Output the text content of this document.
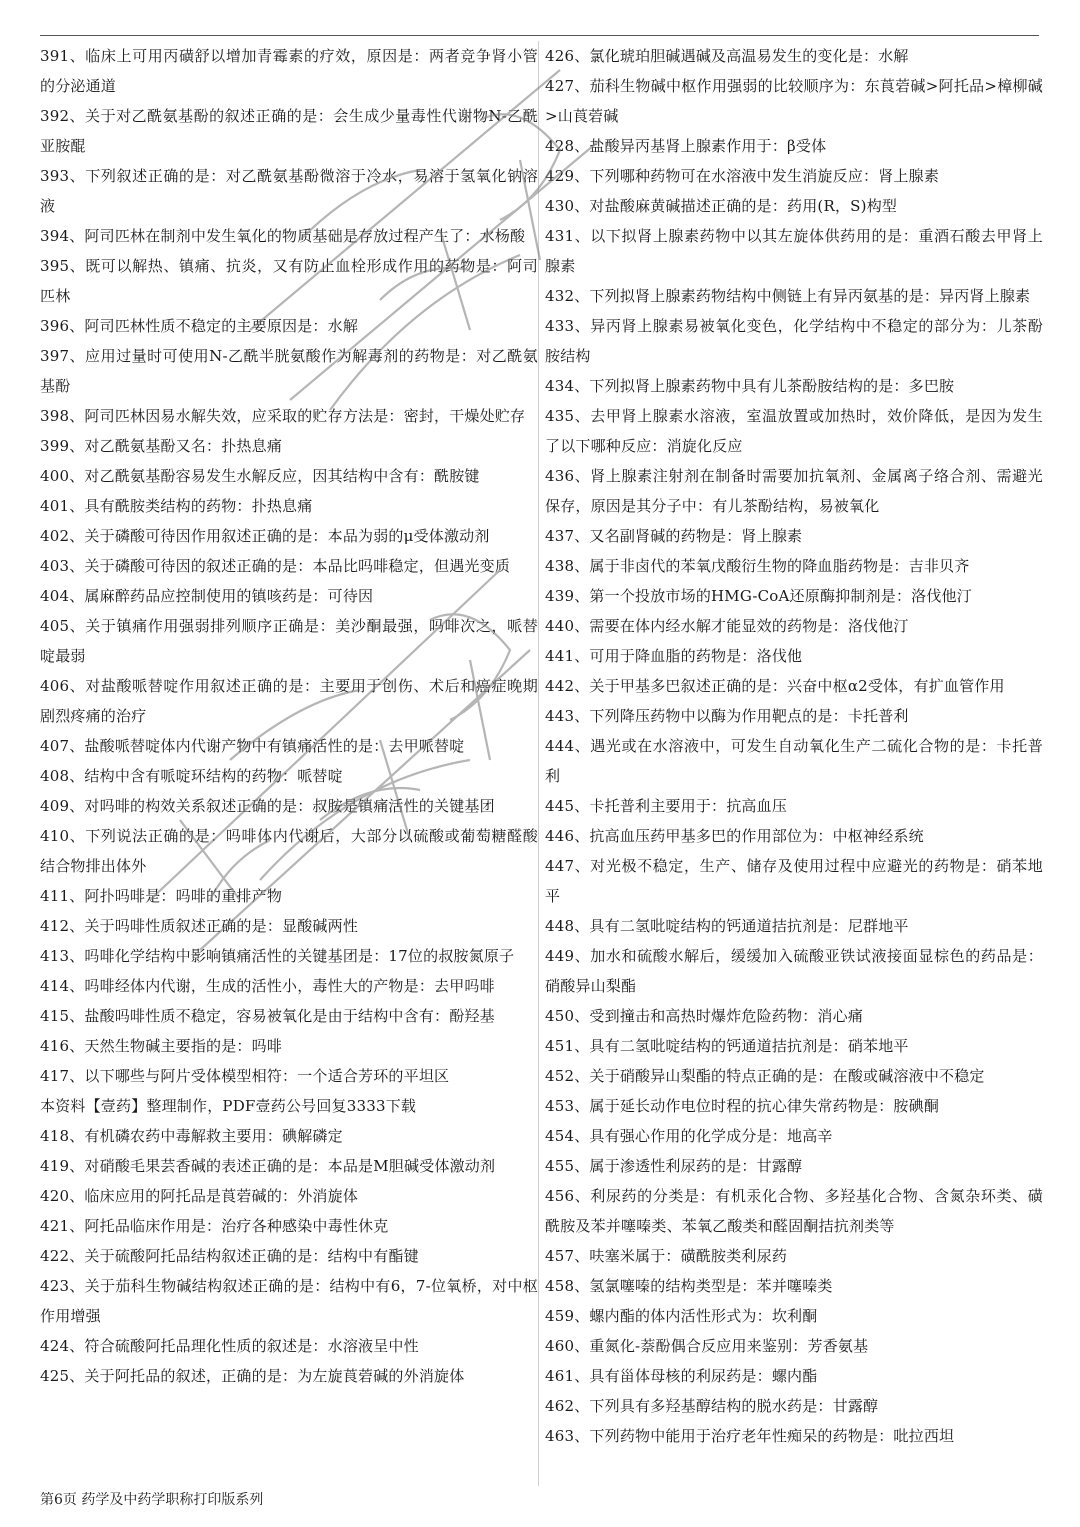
391、临床上可用丙磺舒以增加青霉素的疗效，原因是：两者竞争肾小管的分泌通道
392、关于对乙酰氨基酚的叙述正确的是：会生成少量毒性代谢物N-乙酰亚胺醌
393、下列叙述正确的是：对乙酰氨基酚微溶于冷水，易溶于氢氧化钠溶液
394、阿司匹林在制剂中发生氧化的物质基础是存放过程产生了：水杨酸
395、既可以解热、镇痛、抗炎，又有防止血栓形成作用的药物是：阿司匹林
396、阿司匹林性质不稳定的主要原因是：水解
397、应用过量时可使用N-乙酰半胱氨酸作为解毒剂的药物是：对乙酰氨基酚
398、阿司匹林因易水解失效，应采取的贮存方法是：密封，干燥处贮存
399、对乙酰氨基酚又名：扑热息痛
400、对乙酰氨基酚容易发生水解反应，因其结构中含有：酰胺键
401、具有酰胺类结构的药物：扑热息痛
402、关于磷酸可待因作用叙述正确的是：本品为弱的μ受体激动剂
403、关于磷酸可待因的叙述正确的是：本品比吗啡稳定，但遇光变质
404、属麻醉药品应控制使用的镇咳药是：可待因
405、关于镇痛作用强弱排列顺序正确是：美沙酮最强，吗啡次之，哌替啶最弱
406、对盐酸哌替啶作用叙述正确的是：主要用于创伤、术后和癌症晚期剧烈疼痛的治疗
407、盐酸哌替啶体内代谢产物中有镇痛活性的是：去甲哌替啶
408、结构中含有哌啶环结构的药物：哌替啶
409、对吗啡的构效关系叙述正确的是：叔胺是镇痛活性的关键基团
410、下列说法正确的是：吗啡体内代谢后，大部分以硫酸或葡萄糖醛酸结合物排出体外
411、阿扑吗啡是：吗啡的重排产物
412、关于吗啡性质叙述正确的是：显酸碱两性
413、吗啡化学结构中影响镇痛活性的关键基团是：17位的叔胺氮原子
414、吗啡经体内代谢，生成的活性小，毒性大的产物是：去甲吗啡
415、盐酸吗啡性质不稳定，容易被氧化是由于结构中含有：酚羟基
416、天然生物碱主要指的是：吗啡
417、以下哪些与阿片受体模型相符：一个适合芳环的平坦区
本资料【壹药】整理制作，PDF壹药公号回复3333下载
418、有机磷农药中毒解救主要用：碘解磷定
419、对硝酸毛果芸香碱的表述正确的是：本品是M胆碱受体激动剂
420、临床应用的阿托品是莨菪碱的：外消旋体
421、阿托品临床作用是：治疗各种感染中毒性休克
422、关于硫酸阿托品结构叙述正确的是：结构中有酯键
423、关于茄科生物碱结构叙述正确的是：结构中有6，7-位氧桥，对中枢作用增强
424、符合硫酸阿托品理化性质的叙述是：水溶液呈中性
425、关于阿托品的叙述，正确的是：为左旋莨菪碱的外消旋体
426、氯化琥珀胆碱遇碱及高温易发生的变化是：水解
427、茄科生物碱中枢作用强弱的比较顺序为：东莨菪碱>阿托品>樟柳碱>山莨菪碱
428、盐酸异丙基肾上腺素作用于：β受体
429、下列哪种药物可在水溶液中发生消旋反应：肾上腺素
430、对盐酸麻黄碱描述正确的是：药用(R，S)构型
431、以下拟肾上腺素药物中以其左旋体供药用的是：重酒石酸去甲肾上腺素
432、下列拟肾上腺素药物结构中侧链上有异丙氨基的是：异丙肾上腺素
433、异丙肾上腺素易被氧化变色，化学结构中不稳定的部分为：儿茶酚胺结构
434、下列拟肾上腺素药物中具有儿茶酚胺结构的是：多巴胺
435、去甲肾上腺素水溶液，室温放置或加热时，效价降低，是因为发生了以下哪种反应：消旋化反应
436、肾上腺素注射剂在制备时需要加抗氧剂、金属离子络合剂、需避光保存，原因是其分子中：有儿茶酚结构，易被氧化
437、又名副肾碱的药物是：肾上腺素
438、属于非卤代的苯氧戊酸衍生物的降血脂药物是：吉非贝齐
439、第一个投放市场的HMG-CoA还原酶抑制剂是：洛伐他汀
440、需要在体内经水解才能显效的药物是：洛伐他汀
441、可用于降血脂的药物是：洛伐他
442、关于甲基多巴叙述正确的是：兴奋中枢α2受体，有扩血管作用
443、下列降压药物中以酶为作用靶点的是：卡托普利
444、遇光或在水溶液中，可发生自动氧化生产二硫化合物的是：卡托普利
445、卡托普利主要用于：抗高血压
446、抗高血压药甲基多巴的作用部位为：中枢神经系统
447、对光极不稳定，生产、储存及使用过程中应避光的药物是：硝苯地平
448、具有二氢吡啶结构的钙通道拮抗剂是：尼群地平
449、加水和硫酸水解后，缓缓加入硫酸亚铁试液接面显棕色的药品是：硝酸异山梨酯
450、受到撞击和高热时爆炸危险药物：消心痛
451、具有二氢吡啶结构的钙通道拮抗剂是：硝苯地平
452、关于硝酸异山梨酯的特点正确的是：在酸或碱溶液中不稳定
453、属于延长动作电位时程的抗心律失常药物是：胺碘酮
454、具有强心作用的化学成分是：地高辛
455、属于渗透性利尿药的是：甘露醇
456、利尿药的分类是：有机汞化合物、多羟基化合物、含氮杂环类、磺酰胺及苯并噻嗪类、苯氧乙酸类和醛固酮拮抗剂类等
457、呋塞米属于：磺酰胺类利尿药
458、氢氯噻嗪的结构类型是：苯并噻嗪类
459、螺内酯的体内活性形式为：坎利酮
460、重氮化-萘酚偶合反应用来鉴别：芳香氨基
461、具有甾体母核的利尿药是：螺内酯
462、下列具有多羟基醇结构的脱水药是：甘露醇
463、下列药物中能用于治疗老年性痴呆的药物是：吡拉西坦
第6页 药学及中药学职称打印版系列
